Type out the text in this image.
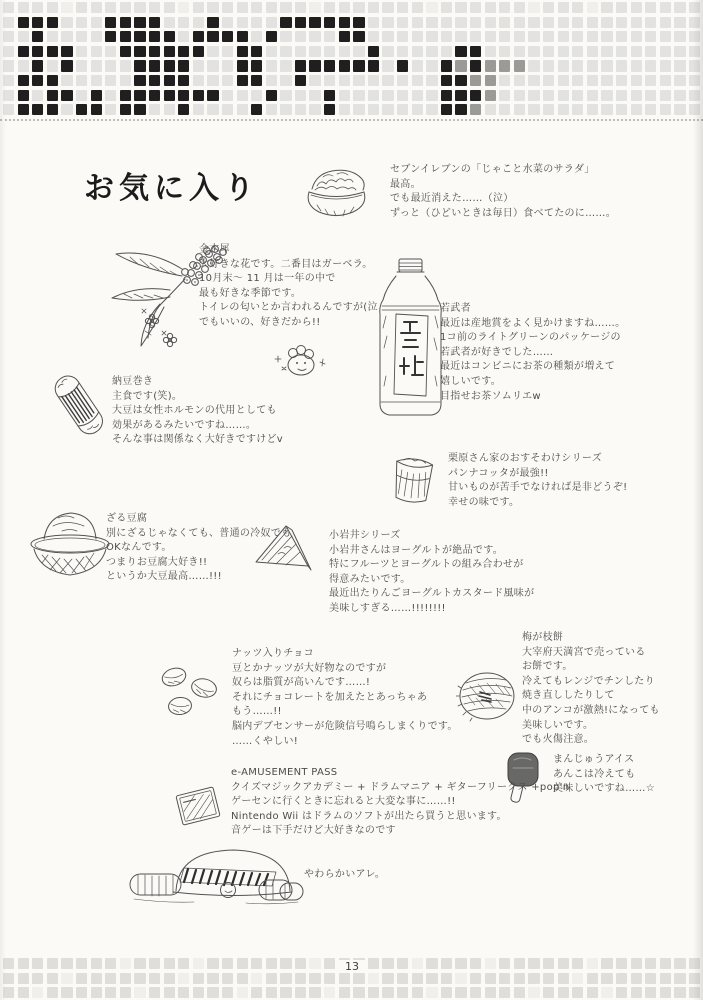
お気に入り
セブンイレブンの「じゃこと水菜のサラダ」
最高。
でも最近消えた……（泣）
ずっと（ひどいときは毎日）食べてたのに……。
金木犀
大好きな花です。二番目はガーベラ。
10月末～ 11 月は一年の中で
最も好きな季節です。
トイレの匂いとか言われるんですが(泣
でもいいの、好きだから!!
若武者
最近は産地賞をよく見かけますね……。
1コ前のライトグリーンのパッケージの
若武者が好きでした……
最近はコンビニにお茶の種類が増えて
嬉しいです。
目指せお茶ソムリエw
納豆巻き
主食です(笑)。
大豆は女性ホルモンの代用としても
効果があるみたいですね……。
そんな事は関係なく大好きですけどv
栗原さん家のおすそわけシリーズ
パンナコッタが最強!!
甘いものが苦手でなければ是非どうぞ!
幸せの味です。
ざる豆腐
別にざるじゃなくても、普通の冷奴でも
OKなんです。
つまりお豆腐大好き!!
というか大豆最高……!!!
小岩井シリーズ
小岩井さんはヨーグルトが絶品です。
特にフルーツとヨーグルトの組み合わせが
得意みたいです。
最近出たりんごヨーグルトカスタード風味が
美味しすぎる……!!!!!!!!
ナッツ入りチョコ
豆とかナッツが大好物なのですが
奴らは脂質が高いんです……!
それにチョコレートを加えたとあっちゃあ
もう……!!
脳内デブセンサーが危険信号鳴らしまくりです。
……くやしい!
梅が枝餅
大宰府天満宮で売っている
お餅です。
冷えてもレンジでチンしたり
焼き直ししたりして
中のアンコが激熱!になっても
美味しいです。
でも火傷注意。
まんじゅうアイス
あんこは冷えても
美味しいですね……☆
e-AMUSEMENT PASS
クイズマジックアカデミー + ドラムマニア + ギターフリークス +pop'n
ゲーセンに行くときに忘れると大変な事に……!!
Nintendo Wii はドラムのソフトが出たら買うと思います。
音ゲーは下手だけど大好きなのです
やわらかいアレ。
13
